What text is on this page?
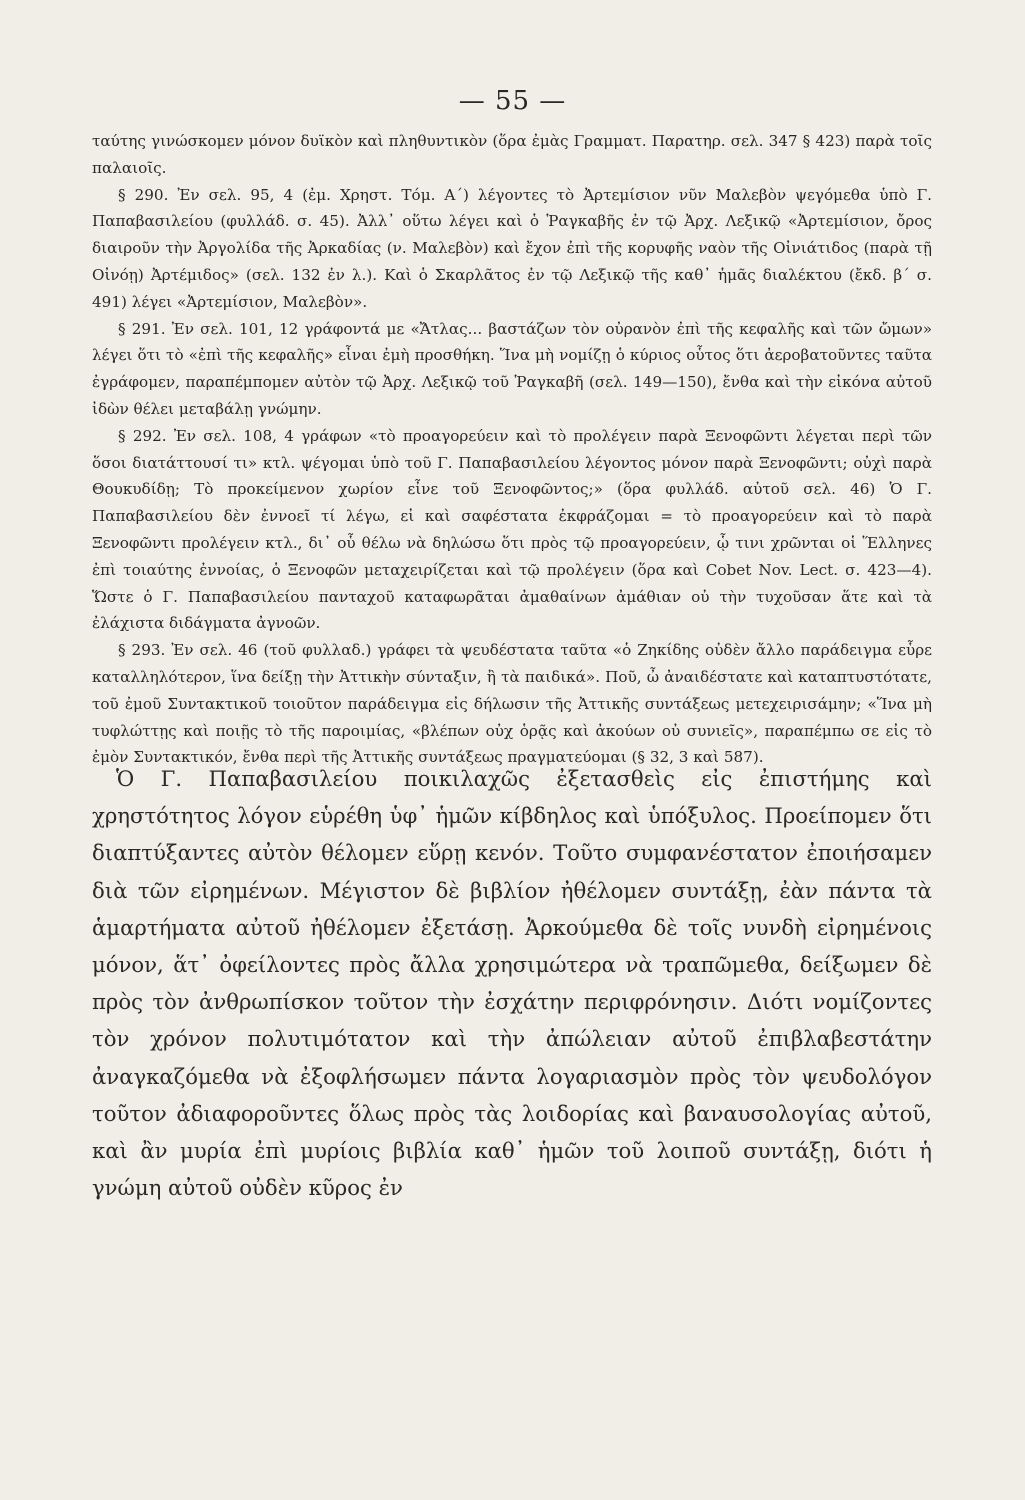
— 55 —

ταύτης γινώσκομεν μόνον δυϊκὸν καὶ πληθυντικὸν (ὅρα ἐμὰς Γραμματ. Παρατηρ. σελ. 347 § 423) παρὰ τοῖς παλαιοῖς.

§ 290. Ἐν σελ. 95, 4 (ἐμ. Χρηστ. Τόμ. Α΄) λέγοντες τὸ Ἀρτεμίσιον νῦν Μαλεβὸν ψεγόμεθα ὑπὸ Γ. Παπαβασιλείου (φυλλάδ. σ. 45). Ἀλλ᾽ οὕτω λέγει καὶ ὁ Ῥαγκαβῆς ἐν τῷ Ἀρχ. Λεξικῷ «Ἀρτεμίσιον, ὄρος διαιροῦν τὴν Ἀργολίδα τῆς Ἀρκαδίας (ν. Μαλεβὸν) καὶ ἔχον ἐπὶ τῆς κορυφῆς ναὸν τῆς Οἰνιάτιδος (παρὰ τῇ Οἰνόῃ) Ἀρτέμιδος» (σελ. 132 ἐν λ.). Καὶ ὁ Σκαρλᾶτος ἐν τῷ Λεξικῷ τῆς καθ᾽ ἡμᾶς διαλέκτου (ἔκδ. β΄ σ. 491) λέγει «Ἀρτεμίσιον, Μαλεβὸν».

§ 291. Ἐν σελ. 101, 12 γράφοντά με «Ἄτλας... βαστάζων τὸν οὐρανὸν ἐπὶ τῆς κεφαλῆς καὶ τῶν ὤμων» λέγει ὅτι τὸ «ἐπὶ τῆς κεφαλῆς» εἶναι ἐμὴ προσθήκη. Ἵνα μὴ νομίζῃ ὁ κύριος οὗτος ὅτι ἀεροβατοῦντες ταῦτα ἐγράφομεν, παραπέμπομεν αὐτὸν τῷ Ἀρχ. Λεξικῷ τοῦ Ῥαγκαβῆ (σελ. 149—150), ἔνθα καὶ τὴν εἰκόνα αὐτοῦ ἰδὼν θέλει μεταβάλῃ γνώμην.

§ 292. Ἐν σελ. 108, 4 γράφων «τὸ προαγορεύειν καὶ τὸ προλέγειν παρὰ Ξενοφῶντι λέγεται περὶ τῶν ὅσοι διατάττουσί τι» κτλ. ψέγομαι ὑπὸ τοῦ Γ. Παπαβασιλείου λέγοντος μόνον παρὰ Ξενοφῶντι; οὐχὶ παρὰ Θουκυδίδῃ; Τὸ προκείμενον χωρίον εἶνε τοῦ Ξενοφῶντος;» (ὅρα φυλλάδ. αὐτοῦ σελ. 46) Ὁ Γ. Παπαβασιλείου δὲν ἐννοεῖ τί λέγω, εἰ καὶ σαφέστατα ἐκφράζομαι = τὸ προαγορεύειν καὶ τὸ παρὰ Ξενοφῶντι προλέγειν κτλ., δι᾽ οὗ θέλω νὰ δηλώσω ὅτι πρὸς τῷ προαγορεύειν, ᾧ τινι χρῶνται οἱ Ἕλληνες ἐπὶ τοιαύτης ἐννοίας, ὁ Ξενοφῶν μεταχειρίζεται καὶ τῷ προλέγειν (ὅρα καὶ Cobet Nov. Lect. σ. 423—4). Ὥστε ὁ Γ. Παπαβασιλείου πανταχοῦ καταφωρᾶται ἀμαθαίνων ἀμάθιαν οὐ τὴν τυχοῦσαν ἅτε καὶ τὰ ἐλάχιστα διδάγματα ἀγνοῶν.

§ 293. Ἐν σελ. 46 (τοῦ φυλλαδ.) γράφει τὰ ψευδέστατα ταῦτα «ὁ Ζηκίδης οὐδὲν ἄλλο παράδειγμα εὗρε καταλληλότερον, ἵνα δείξῃ τὴν Ἀττικὴν σύνταξιν, ἢ τὰ παιδικά». Ποῦ, ὦ ἀναιδέστατε καὶ καταπτυστότατε, τοῦ ἐμοῦ Συντακτικοῦ τοιοῦτον παράδειγμα εἰς δήλωσιν τῆς Ἀττικῆς συντάξεως μετεχειρισάμην; «Ἵνα μὴ τυφλώττῃς καὶ ποιῇς τὸ τῆς παροιμίας, «βλέπων οὐχ ὁρᾷς καὶ ἀκούων οὐ συνιεῖς», παραπέμπω σε εἰς τὸ ἐμὸν Συντακτικόν, ἔνθα περὶ τῆς Ἀττικῆς συντάξεως πραγματεύομαι (§ 32, 3 καὶ 587).

Ὁ Γ. Παπαβασιλείου ποικιλαχῶς ἐξετασθεὶς εἰς ἐπιστήμης καὶ χρηστότητος λόγον εὑρέθη ὑφ᾽ ἡμῶν κίβδηλος καὶ ὑπόξυλος. Προείπομεν ὅτι διαπτύξαντες αὐτὸν θέλομεν εὕρῃ κενόν. Τοῦτο συμφανέστατον ἐποιήσαμεν διὰ τῶν εἰρημένων. Μέγιστον δὲ βιβλίον ἠθέλομεν συντάξῃ, ἐὰν πάντα τὰ ἁμαρτήματα αὐτοῦ ἠθέλομεν ἐξετάσῃ. Ἀρκούμεθα δὲ τοῖς νυνδὴ εἰρημένοις μόνον, ἅτ᾽ ὀφείλοντες πρὸς ἄλλα χρησιμώτερα νὰ τραπῶμεθα, δείξωμεν δὲ πρὸς τὸν ἀνθρωπίσκον τοῦτον τὴν ἐσχάτην περιφρόνησιν. Διότι νομίζοντες τὸν χρόνον πολυτιμότατον καὶ τὴν ἀπώλειαν αὐτοῦ ἐπιβλαβεστάτην ἀναγκαζόμεθα νὰ ἐξοφλήσωμεν πάντα λογαριασμὸν πρὸς τὸν ψευδολόγον τοῦτον ἀδιαφοροῦντες ὅλως πρὸς τὰς λοιδορίας καὶ βαναυσολογίας αὐτοῦ, καὶ ἂν μυρία ἐπὶ μυρίοις βιβλία καθ᾽ ἡμῶν τοῦ λοιποῦ συντάξῃ, διότι ἡ γνώμη αὐτοῦ οὐδὲν κῦρος ἐν
